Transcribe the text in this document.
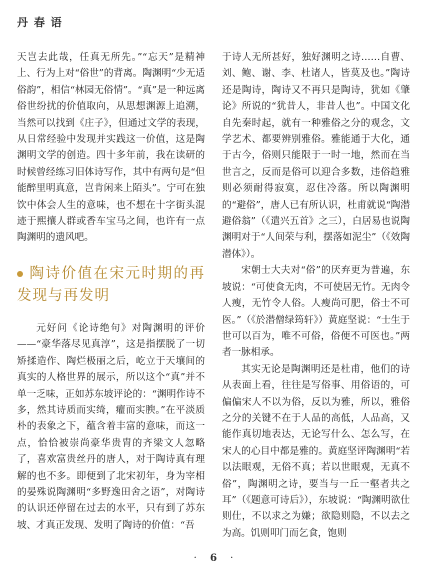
丹 春 语

天岂去此哉，任真无所先。”“忘天”是精神上、行为上对“俗世”的背离。陶渊明“少无适俗韵”，相信“林园无俗情”。“真”是一种远离俗世纷扰的价值取向，从思想渊源上追溯，当然可以找到《庄子》，但通过文学的表现，从日常经验中发现并实践这一价值，这是陶渊明文学的创造。四十多年前，我在读研的时候曾经练习旧体诗写作，其中有两句是“但能醉里明真意，岂肯闲来上陌头”。宁可在独饮中体会人生的意味，也不想在十字街头混迹于熙攘人群或香车宝马之间，也许有一点陶渊明的遗风吧。

陶诗价值在宋元时期的再发现与再发明

元好问《论诗绝句》对陶渊明的评价——“豪华落尽见真淳”，这是指摆脱了一切矫揉造作、陶烂极丽之后，屹立于天壤间的真实的人格世界的展示，所以这个“真”并不单一乏味，正如苏东坡评论的：“渊明作诗不多，然其诗质而实绮，癯而实腴。”在平淡质朴的表象之下，蕴含着丰富的意味，而这一点，恰恰被崇尚豪华贵胄的齐梁文人忽略了，喜欢富贵丝丹的唐人，对于陶诗真有理解的也不多。即便到了北宋初年，身为宰相的晏殊说陶渊明“多野逸田舍之语”，对陶诗的认识还停留在过去的水平，只有到了苏东坡、才真正发现、发明了陶诗的价值：“吾

于诗人无所甚好，独好渊明之诗……自曹、刘、鲍、谢、李、杜诸人，皆莫及也。”陶诗还是陶诗，陶诗又不再只是陶诗，犹如《肇论》所说的“犹昔人，非昔人也”。中国文化自先秦时起，就有一种雅俗之分的观念，文学艺术、都要辨别雅俗。雅能通于大化，通于古今，俗则只能限于一时一地，然而在当世言之，反而是俗可以迎合多数，违俗趋雅则必须耐得寂寞，忍住冷落。所以陶渊明的“避俗”，唐人已有所认识，杜甫就说“陶潜避俗翁”（《遣兴五首》之三），白居易也说陶渊明对于“人间荣与利，摆落如泥尘”（《效陶潜体》）。

宋朝士大夫对“俗”的厌弃更为普遍，东坡说：“可使食无肉，不可使居无竹。无肉令人瘦，无竹令人俗。人瘦尚可肥，俗士不可医。”（《於潜僧绿筠轩》）黄庭坚说：“士生于世可以百为，唯不可俗，俗便不可医也。”两者一脉相承。

其实无论是陶渊明还是杜甫，他们的诗从表面上看，往往是写俗事、用俗语的，可偏偏宋人不以为俗，反以为雅，所以，雅俗之分的关键不在于人品的高低，人品高，又能作真切地表达，无论写什么、怎么写，在宋人的心目中都是雅的。黄庭坚评陶渊明“若以法眼观，无俗不真；若以世眼观，无真不俗”，陶渊明之诗，要当与一丘一壑者共之耳”（《题意可诗后》），东坡说：“陶渊明欲仕则仕，不以求之为嫌；欲隐则隐，不以去之为高。饥则叩门而乞食，饱则

· 6 ·
